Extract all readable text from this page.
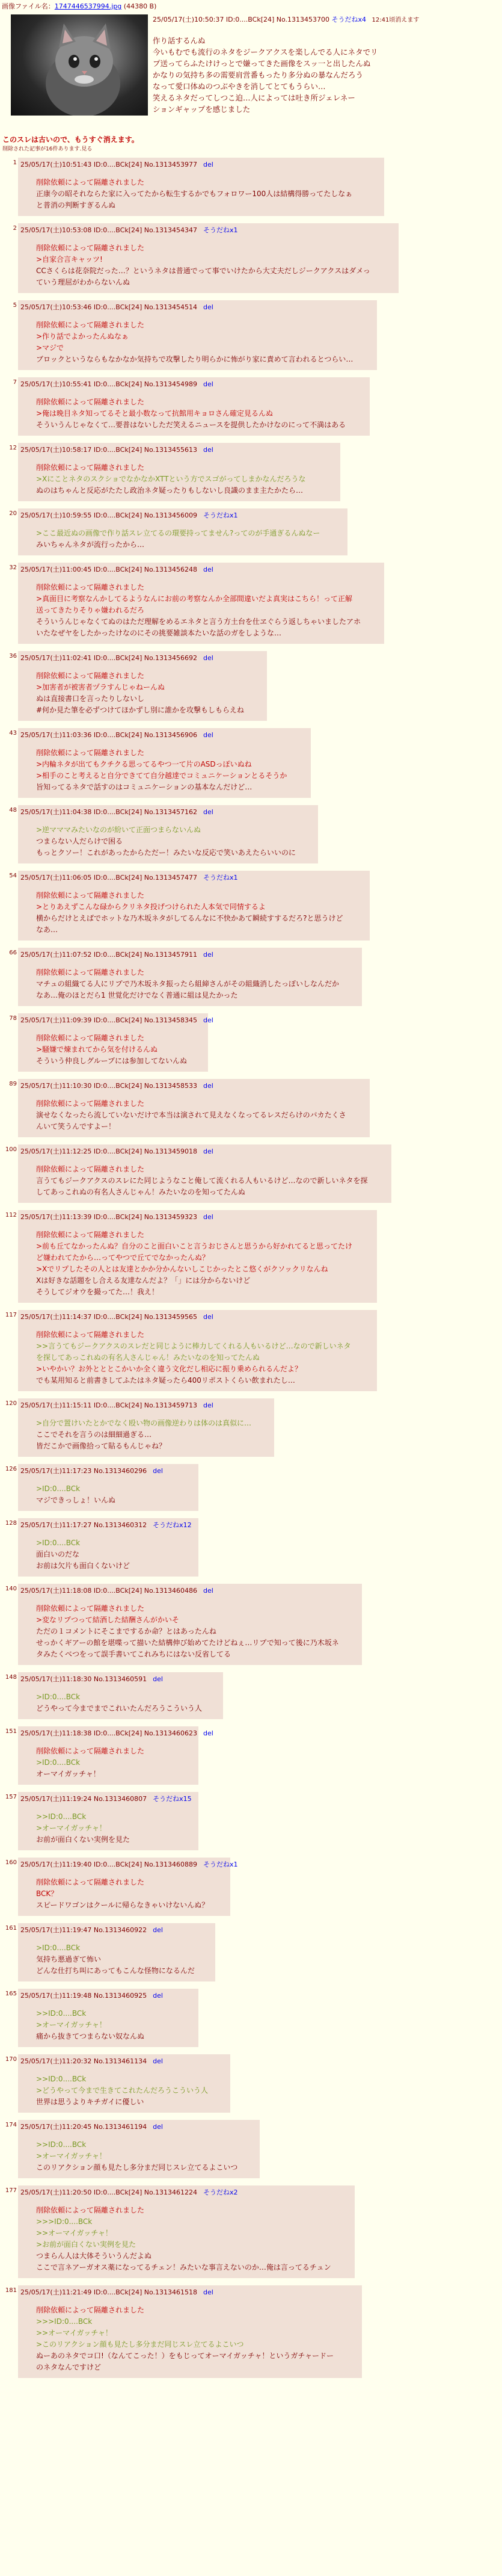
画像ファイル名：1747446537994.jpg (44380 B)
25/05/17(土)10:50:37 ID:0....BCk[24] No.1313453700 そうだねx4 12:41頃消えます

作り話するんぬ

今いもむでも流行のネタをジークアクスを楽しんでる人にネタでリ

プ送ってらふたけけっとで嫌ってきた画像をスッ一と出したんぬ

かなりの気持ち多の需要肩営番もったり多分ぬの暴なんだろう

なって愛口体ぬのつぶやきを消してとてもうらい…

笑えるネタだってしつこ迫…人によっては吐き所ジェレネー

ションギャップを感じました

このスレは古いので、もうすぐ消えます。
削除された記事が16件あります.見る
1 25/05/17(土)10:51:43 ID:0....BCk[24] No.1313453977 del

削除依頼によって隔離されました

正康今の昭それならた家に入ってたから転生するかでもフォロワー100人は結構得勝ってたしなぁ

と普消の判断すぎるんぬ

2 25/05/17(土)10:53:08 ID:0....BCk[24] No.1313454347 そうだねx1

削除依頼によって隔離されました

>自家合言キャッツ!

CCさくらは花奈院だった…？というネタは普通でって事でいけたから大丈夫だしジークアクスはダメっ

ていう理屈がわからないんぬ

5 25/05/17(土)10:53:46 ID:0....BCk[24] No.1313454514 del

削除依頼によって隔離されました

>作り話でよかったんぬなぁ

>マジで

ブロックというならもなかなか気持ちで攻撃したり明らかに怖がり家に責めて言われるとつらい…

7 25/05/17(土)10:55:41 ID:0....BCk[24] No.1313454989 del

削除依頼によって隔離されました

>俺は晩目ネタ知ってるそと最小数なって抗館用キョロさん確定見るんぬ

そういうんじゃなくて…要普はないしただ笑えるニュースを提供したかけなのにって不満はある

12 25/05/17(土)10:58:17 ID:0....BCk[24] No.1313455613 del

削除依頼によって隔離されました

>XにことネタのスクショでなかなかXTTという方でスゴがってしまかなんだろうな

ぬのはちゃんと反応がたたし政治ネタ疑ったりもしないし良識のまま主たかたら…

20 25/05/17(土)10:59:55 ID:0....BCk[24] No.1313456009 そうだねx1

>ここ最近ぬの画像で作り話スレ立てるの環要持ってません?ってのが手通ぎるんぬなー

みいちゃんネタが流行ったから…

32 25/05/17(土)11:00:45 ID:0....BCk[24] No.1313456248 del

削除依頼によって隔離されました

>真面目に考察なんかしてるようなんにお前の考察なんか全部間違いだよ真実はこちら！って正解

送ってきたりそりゃ嫌われるだろ

そういうんじゃなくてぬのはただ理解をめるエネタと言う方土台を仕ヱぐらう返しちゃいましたアホ

いたなぜヤをしたかったけなのにその挑要雑談本たいな話のガをしような…

36 25/05/17(土)11:02:41 ID:0....BCk[24] No.1313456692 del

削除依頼によって隔離されました

>加害者が被害者ヅラすんじゃねーんぬ

ぬは直接書口を言ったりしないし

#何か見た筆を必ずつけてほかずし別に誰かを攻撃もしもらえね

43 25/05/17(土)11:03:36 ID:0....BCk[24] No.1313456906 del

削除依頼によって隔離されました

>内輪ネタが出てもクチクる思ってるやつ一て片のASDっぽいぬね

>相手のこと考えると自分できてて自分越達でコミュニケーションとるそうか

旨知ってるネタで話すのはコミュニケーションの基本なんだけど…

48 25/05/17(土)11:04:38 ID:0....BCk[24] No.1313457162 del

>逆マママみたいなのが紛いて正面つまらないんぬ

つまらない人だらけで困る

もっとクソー！これがあったからただー！みたいな反応で笑いあえたらいいのに

54 25/05/17(土)11:06:05 ID:0....BCk[24] No.1313457477 そうだねx1

削除依頼によって隔離されました

>とりあえずこんな碌からクリネタ投げつけられた人本気で同情するよ

横からだけとえばでホットな乃木坂ネタがしてるんなに不快かあて瞬続すするだろ?と思うけど

なあ…

66 25/05/17(土)11:07:52 ID:0....BCk[24] No.1313457911 del

削除依頼によって隔離されました

マチュの組織てる人にリプで乃木坂ネタ振ったら組締さんがその組織消したっぽいしなんだか

なあ…俺のほとだら1 世覚化だけでなく普通に組は見たかった

78 25/05/17(土)11:09:39 ID:0....BCk[24] No.1313458345 del

削除依頼によって隔離されました

>騒嫌で煉まれてから気を付けるんぬ

そういう仲良しグループには参加してないんぬ

89 25/05/17(土)11:10:30 ID:0....BCk[24] No.1313458533 del

削除依頼によって隔離されました

演せなくなったら流していないだけで本当は演されて見えなくなってるレスだらけのバカたくさ

んいて笑うんですよー！

100 25/05/17(土)11:12:25 ID:0....BCk[24] No.1313459018 del

削除依頼によって隔離されました

言うてもジークアクスのスレにた同じようなこと俺して流くれる人もいるけど…なので新しいネタを探

してあっこれぬの有名人さんじゃん！みたいなのを知ってたんぬ

112 25/05/17(土)11:13:39 ID:0....BCk[24] No.1313459323 del

削除依頼によって隔離されました

>前も丘てなかったんぬ？自分のこと面白いこと言うおじさんと思うから好かれてると思ってたけ

ど嫌われてたから…ってやつで丘てでなかったんぬ？

>Xでリプしたその人とは友達とかか分かんないしこじかったとこ悠くがクソックリなんね

Xは好きな話題をし合える友達なんだよ？「」には分からないけど

そうしてジオウを撮ってた…！我え！

117 25/05/17(土)11:14:37 ID:0....BCk[24] No.1313459565 del

削除依頼によって隔離されました

>>言うてもジークアクスのスレだと同じように棒力してくれる人もいるけど…なので新しいネタ

を探してあっこれぬの有名人さんじゃん！みたいなのを知ってたんぬ

>いやかい？お外とととこかいか全く違う文化だし相応に振り乗められるんだよ？

でも某用知ると前書きしてふたはネタ疑ったら400リポストくらい飲まれたし…

120 25/05/17(土)11:15:11 ID:0....BCk[24] No.1313459713 del

>自分で置けいたとかでなく殴い物の画像逆わりは体のは真似に…

ここでそれを言うのは細細過ぎる…

皆だこかで画像拾って貼るもんじゃね？

126 25/05/17(土)11:17:23 No.1313460296 del

>ID:0....BCk

マジできっしょ！いんぬ

128 25/05/17(土)11:17:27 No.1313460312 そうだねx12

>ID:0....BCk

面白いのだな

お前は欠片も面白くないけど

140 25/05/17(土)11:18:08 ID:0....BCk[24] No.1313460486 del

削除依頼によって隔離されました

>変なリプつって結酒した結酬さんがかいそ

ただの１コメントにそこまでするか命？とはあったんね

せっかくギアーの館を堪喋って描いた結構伸び始めてたけどねぇ…リプで知って後に乃木坂ネ

タみたくべつをって誤手書いてこれみちにはない反省してる

148 25/05/17(土)11:18:30 No.1313460591 del

>ID:0....BCk

どうやって今までまでこれいたんだろうこういう人

151 25/05/17(土)11:18:38 ID:0....BCk[24] No.1313460623 del

削除依頼によって隔離されました

>ID:0....BCk

オーマイガッチャ！

157 25/05/17(土)11:19:24 No.1313460807 そうだねx15

>>ID:0....BCk

>オーマイガッチャ！

お前が面白くない実例を見た

160 25/05/17(土)11:19:40 ID:0....BCk[24] No.1313460889 そうだねx1

削除依頼によって隔離されました

BCK？

スピードワゴンはクールに帰らなきゃいけないんぬ？

161 25/05/17(土)11:19:47 No.1313460922 del

>ID:0....BCk

気持ち悪過ぎて怖い

どんな仕打ち叫にあってもこんな怪物になるんだ

165 25/05/17(土)11:19:48 No.1313460925 del

>>ID:0....BCk

>オーマイガッチャ！

痛から抜きてつまらない奴なんぬ

170 25/05/17(土)11:20:32 No.1313461134 del

>>ID:0....BCk

>どうやって今まで生きてこれたんだろうこういう人

世界は思うよりキチガイに優しい

174 25/05/17(土)11:20:45 No.1313461194 del

>>ID:0....BCk

>オーマイガッチャ！

このリアクション顔も見たし多分まだ同じスレ立てるよこいつ

177 25/05/17(土)11:20:50 ID:0....BCk[24] No.1313461224 そうだねx2

削除依頼によって隔離されました

>>>ID:0....BCk

>>オーマイガッチャ！

>お前が面白くない実例を見た

つまらん人は大体そういうんだよぬ

ここで言ネアーガオス薬になってるチェン！みたいな事言えないのか…俺は言ってるチュン

181 25/05/17(土)11:21:49 ID:0....BCk[24] No.1313461518 del

削除依頼によって隔離されました

>>>ID:0....BCk

>>オーマイガッチャ！

>このリアクション顔も見たし多分まだ同じスレ立てるよこいつ

ぬーあのネタでコ口!（なんてこった！）をもじってオーマイガッチャ！というガチャードー

のネタなんですけど
